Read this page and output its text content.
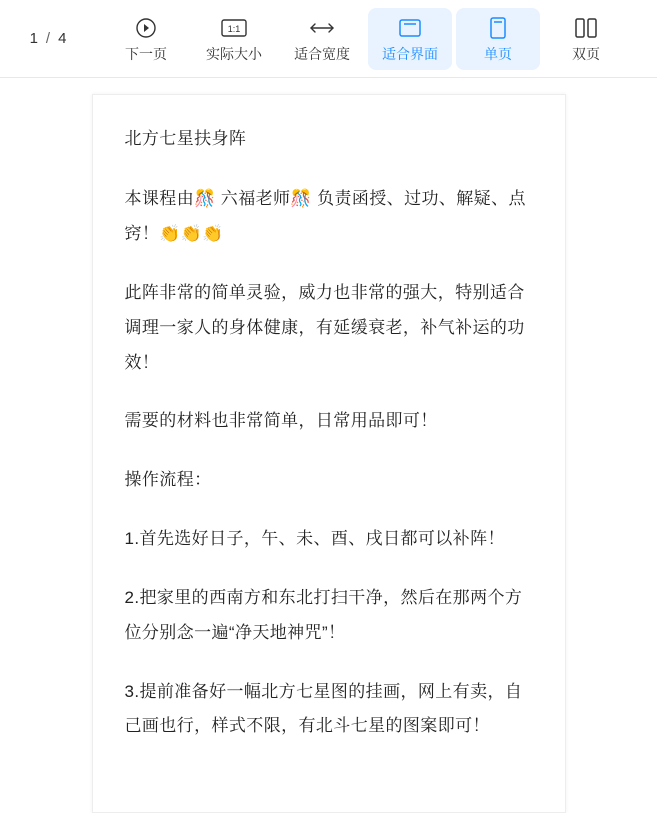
1 / 4
下一页
1:1
实际大小 适合宽度 适合界面	单页	双页
北方七星扶身阵

本课程由🎊 六福老师🎊 负责函授、过功、解疑、点窍！👏👏👏

此阵非常的简单灵验，威力也非常的强大，特别适合调理一家人的身体健康，有延缓衰老，补气补运的功效！

需要的材料也非常简单，日常用品即可！

操作流程：

1.首先选好日子，午、未、酉、戌日都可以补阵！

2.把家里的西南方和东北打扫干净，然后在那两个方位分别念一遍“净天地神咒”！

3.提前准备好一幅北方七星图的挂画，网上有卖，自己画也行，样式不限，有北斗七星的图案即可！
